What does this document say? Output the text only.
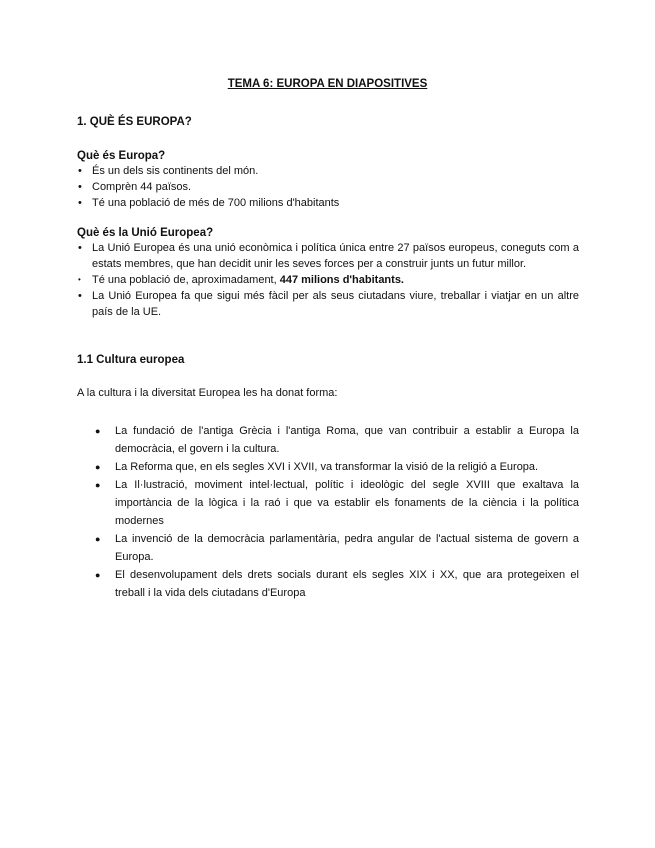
TEMA 6: EUROPA EN DIAPOSITIVES
1. QUÈ ÉS EUROPA?
Què és Europa?
• És un dels sis continents del món.
• Comprèn 44 països.
• Té una població de més de 700 milions d'habitants
Què és la Unió Europea?
• La Unió Europea és una unió econòmica i política única entre 27 països europeus, coneguts com a estats membres, que han decidit unir les seves forces per a construir junts un futur millor.
• Té una població de, aproximadament, 447 milions d'habitants.
• La Unió Europea fa que sigui més fàcil per als seus ciutadans viure, treballar i viatjar en un altre país de la UE.
1.1 Cultura europea
A la cultura i la diversitat Europea les ha donat forma:
● La fundació de l'antiga Grècia i l'antiga Roma, que van contribuir a establir a Europa la democràcia, el govern i la cultura.
● La Reforma que, en els segles XVI i XVII, va transformar la visió de la religió a Europa.
● La Il·lustració, moviment intel·lectual, polític i ideològic del segle XVIII que exaltava la importància de la lògica i la raó i que va establir els fonaments de la ciència i la política modernes
● La invenció de la democràcia parlamentària, pedra angular de l'actual sistema de govern a Europa.
● El desenvolupament dels drets socials durant els segles XIX i XX, que ara protegeixen el treball i la vida dels ciutadans d'Europa
